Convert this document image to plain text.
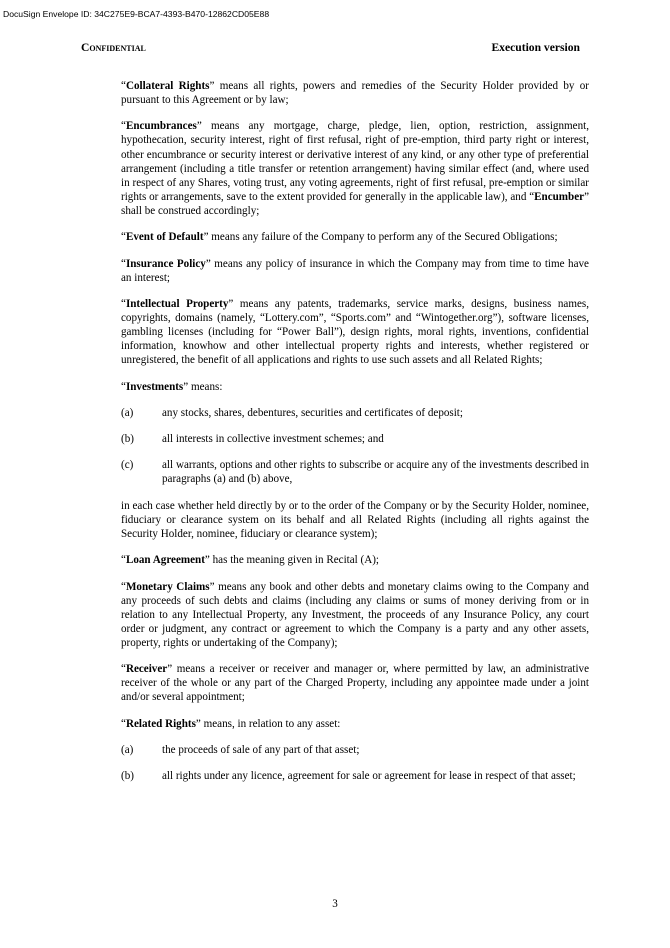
DocuSign Envelope ID: 34C275E9-BCA7-4393-B470-12862CD05E88
Confidential	Execution version

“Collateral Rights” means all rights, powers and remedies of the Security Holder provided by or pursuant to this Agreement or by law;

“Encumbrances” means any mortgage, charge, pledge, lien, option, restriction, assignment, hypothecation, security interest, right of first refusal, right of pre-emption, third party right or interest, other encumbrance or security interest or derivative interest of any kind, or any other type of preferential arrangement (including a title transfer or retention arrangement) having similar effect (and, where used in respect of any Shares, voting trust, any voting agreements, right of first refusal, pre-emption or similar rights or arrangements, save to the extent provided for generally in the applicable law), and “Encumber” shall be construed accordingly;

“Event of Default” means any failure of the Company to perform any of the Secured Obligations;

“Insurance Policy” means any policy of insurance in which the Company may from time to time have an interest;

“Intellectual Property” means any patents, trademarks, service marks, designs, business names, copyrights, domains (namely, “Lottery.com”, “Sports.com” and “Wintogether.org”), software licenses, gambling licenses (including for “Power Ball”), design rights, moral rights, inventions, confidential information, knowhow and other intellectual property rights and interests, whether registered or unregistered, the benefit of all applications and rights to use such assets and all Related Rights;

“Investments” means:

(a)	any stocks, shares, debentures, securities and certificates of deposit;
(b)	all interests in collective investment schemes; and
(c)	all warrants, options and other rights to subscribe or acquire any of the investments described in paragraphs (a) and (b) above,

in each case whether held directly by or to the order of the Company or by the Security Holder, nominee, fiduciary or clearance system on its behalf and all Related Rights (including all rights against the Security Holder, nominee, fiduciary or clearance system);

“Loan Agreement” has the meaning given in Recital (A);

“Monetary Claims” means any book and other debts and monetary claims owing to the Company and any proceeds of such debts and claims (including any claims or sums of money deriving from or in relation to any Intellectual Property, any Investment, the proceeds of any Insurance Policy, any court order or judgment, any contract or agreement to which the Company is a party and any other assets, property, rights or undertaking of the Company);

“Receiver” means a receiver or receiver and manager or, where permitted by law, an administrative receiver of the whole or any part of the Charged Property, including any appointee made under a joint and/or several appointment;

“Related Rights” means, in relation to any asset:

(a)	the proceeds of sale of any part of that asset;
(b)	all rights under any licence, agreement for sale or agreement for lease in respect of that asset;
3
